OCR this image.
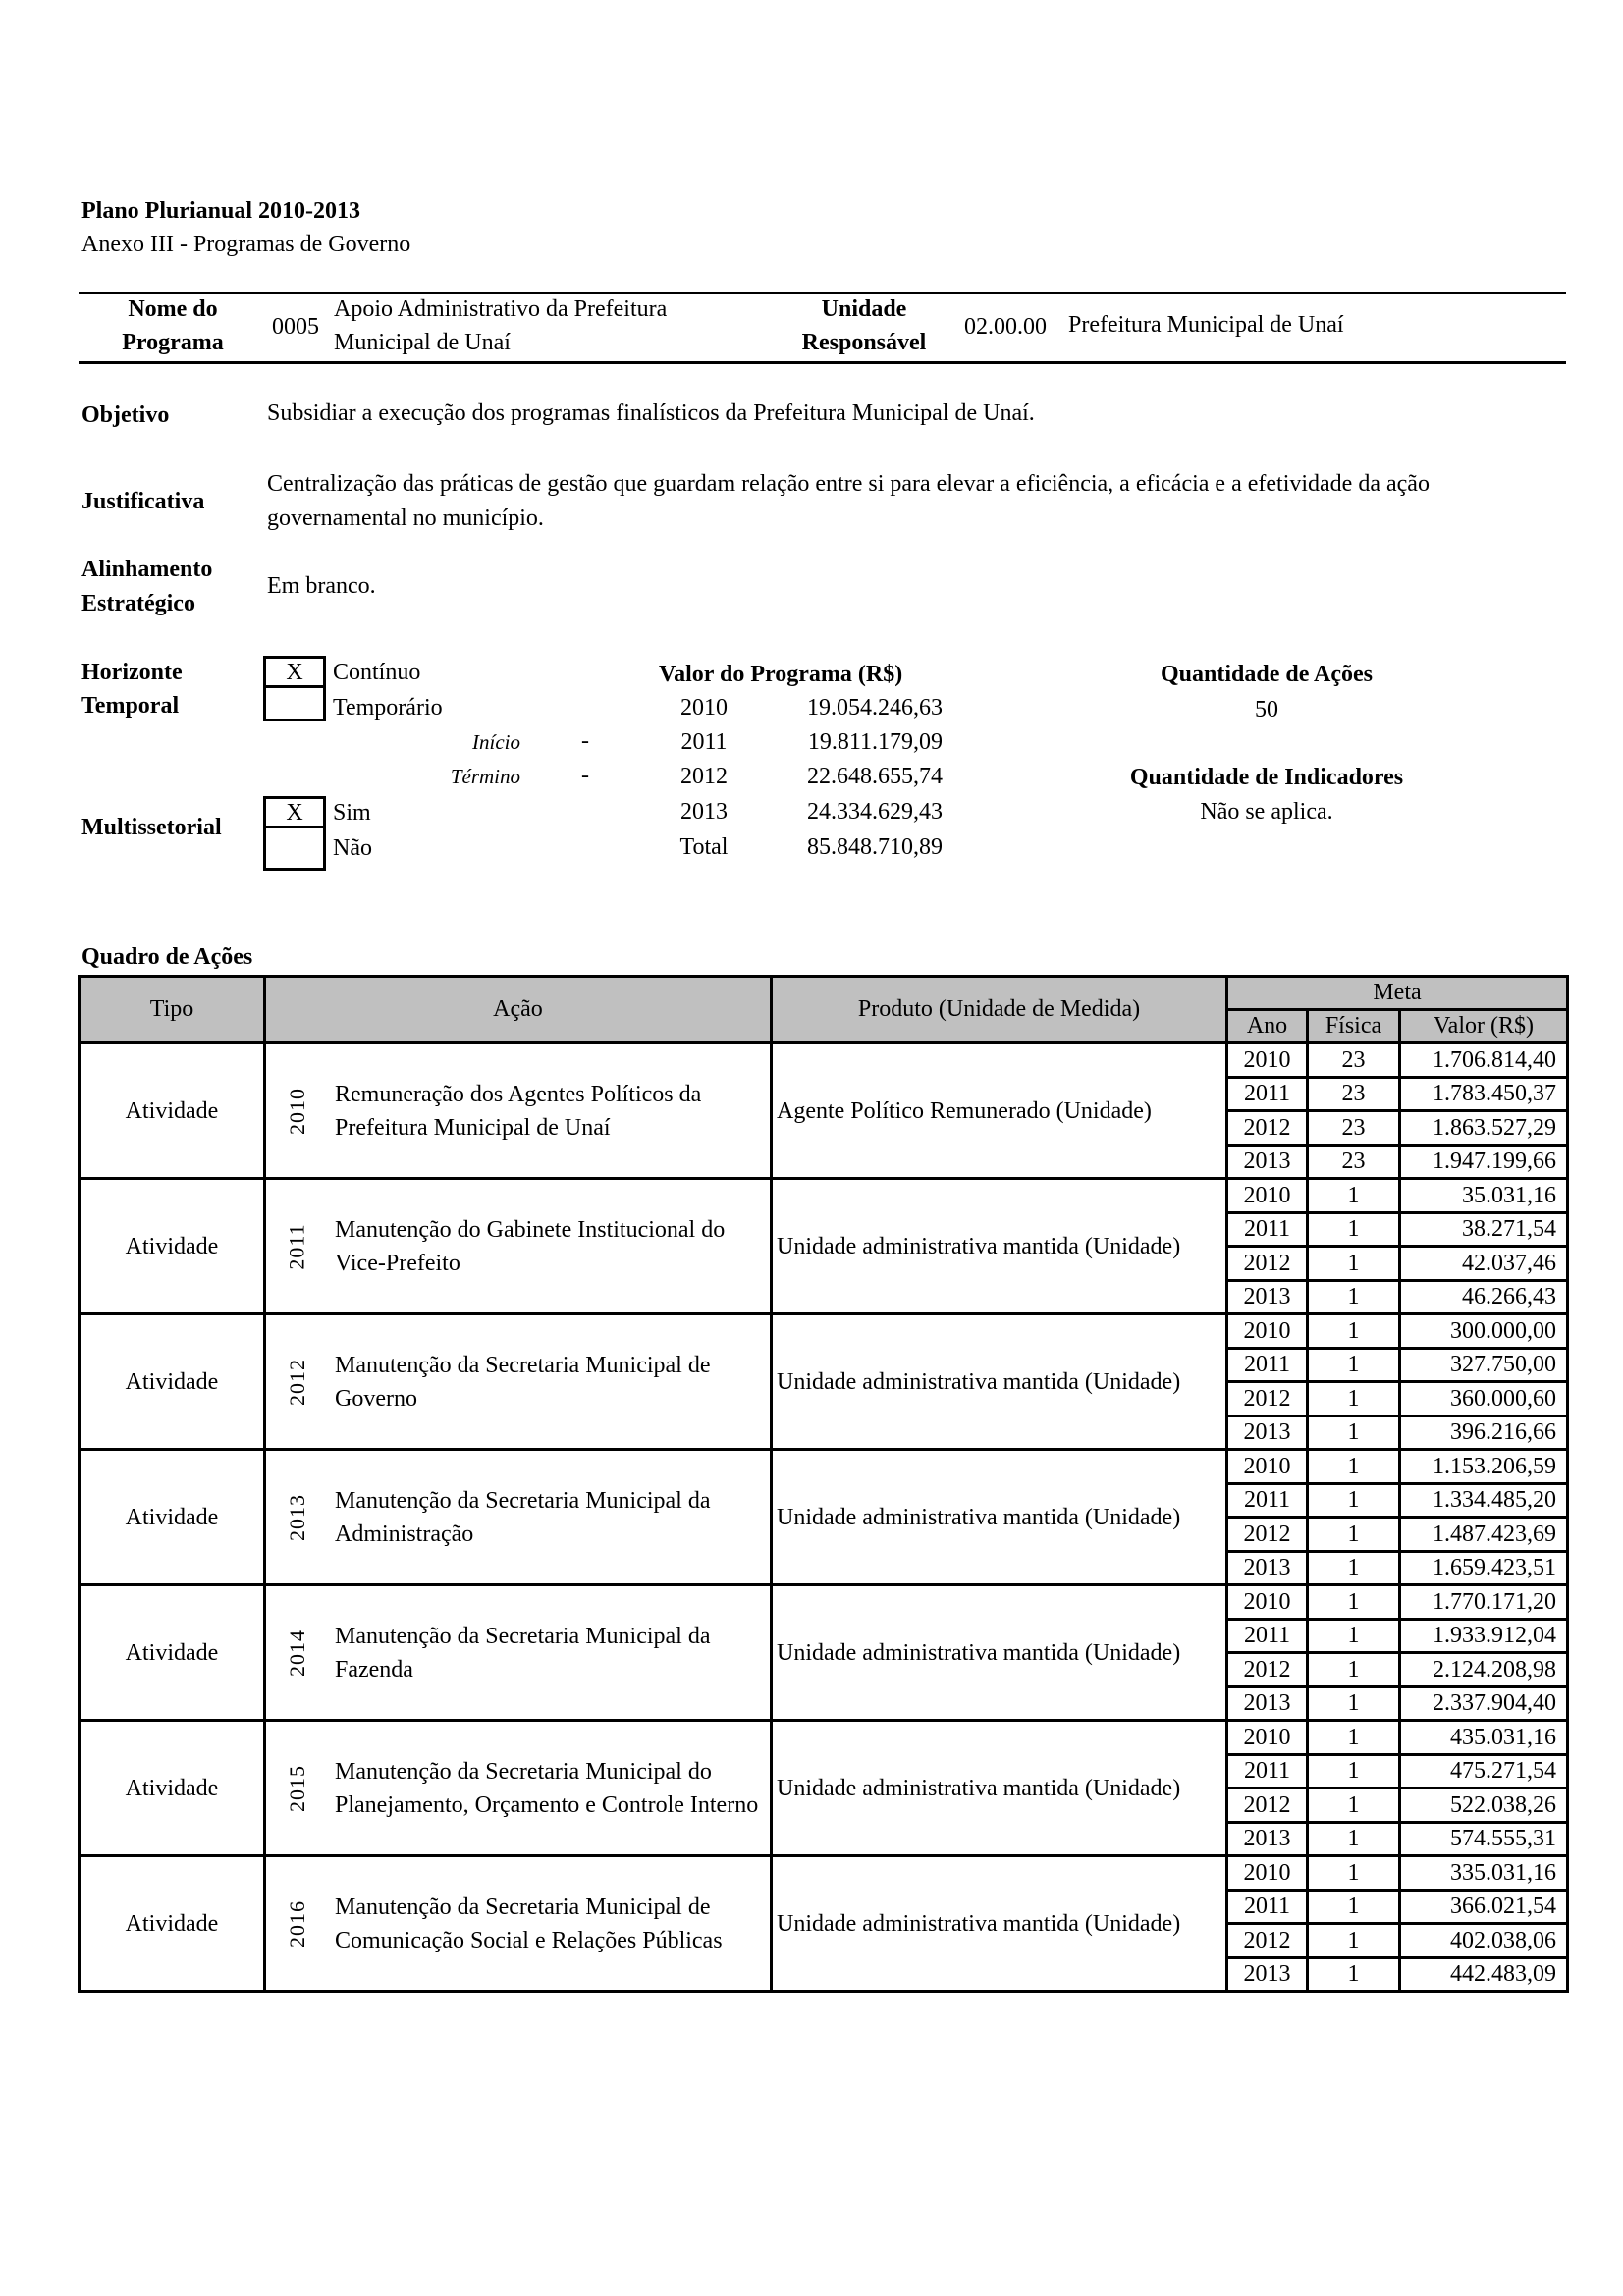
Plano Plurianual 2010-2013
Anexo III - Programas de Governo
Nome do
Programa
0005
Apoio Administrativo da Prefeitura
Municipal de Unaí
Unidade
Responsável
02.00.00 Prefeitura Municipal de Unaí
Objetivo	Subsidiar a execução dos programas finalísticos da Prefeitura Municipal de Unaí.
Justificativa
Centralização das práticas de gestão que guardam relação entre si para elevar a eficiência, a eficácia e a efetividade da ação
governamental no município.
Alinhamento
Estratégico
Em branco.
Horizonte
Temporal
X	Contínuo
Temporário
Início	-
Término	-
Multissetorial
X	Sim
Não
Valor do Programa (R$)
2010	19.054.246,63
2011	19.811.179,09
2012	22.648.655,74
2013	24.334.629,43
Total	85.848.710,89
Quantidade de Ações
50
Quantidade de Indicadores
Não se aplica.
Quadro de Ações
Tipo	Ação	Produto (Unidade de Medida)	Meta		
			Ano	Física	Valor (R$)
Atividade	2010 Remuneração dos Agentes Políticos da Prefeitura Municipal de Unaí	Agente Político Remunerado (Unidade)	2010	23	1.706.814,40
			2011	23	1.783.450,37
			2012	23	1.863.527,29
			2013	23	1.947.199,66
Atividade	2011 Manutenção do Gabinete Institucional do Vice-Prefeito	Unidade administrativa mantida (Unidade)	2010	1	35.031,16
			2011	1	38.271,54
			2012	1	42.037,46
			2013	1	46.266,43
Atividade	2012 Manutenção da Secretaria Municipal de Governo	Unidade administrativa mantida (Unidade)	2010	1	300.000,00
			2011	1	327.750,00
			2012	1	360.000,60
			2013	1	396.216,66
Atividade	2013 Manutenção da Secretaria Municipal da Administração	Unidade administrativa mantida (Unidade)	2010	1	1.153.206,59
			2011	1	1.334.485,20
			2012	1	1.487.423,69
			2013	1	1.659.423,51
Atividade	2014 Manutenção da Secretaria Municipal da Fazenda	Unidade administrativa mantida (Unidade)	2010	1	1.770.171,20
			2011	1	1.933.912,04
			2012	1	2.124.208,98
			2013	1	2.337.904,40
Atividade	2015 Manutenção da Secretaria Municipal do Planejamento, Orçamento e Controle Interno	Unidade administrativa mantida (Unidade)	2010	1	435.031,16
			2011	1	475.271,54
			2012	1	522.038,26
			2013	1	574.555,31
Atividade	2016 Manutenção da Secretaria Municipal de Comunicação Social e Relações Públicas	Unidade administrativa mantida (Unidade)	2010	1	335.031,16
			2011	1	366.021,54
			2012	1	402.038,06
			2013	1	442.483,09
